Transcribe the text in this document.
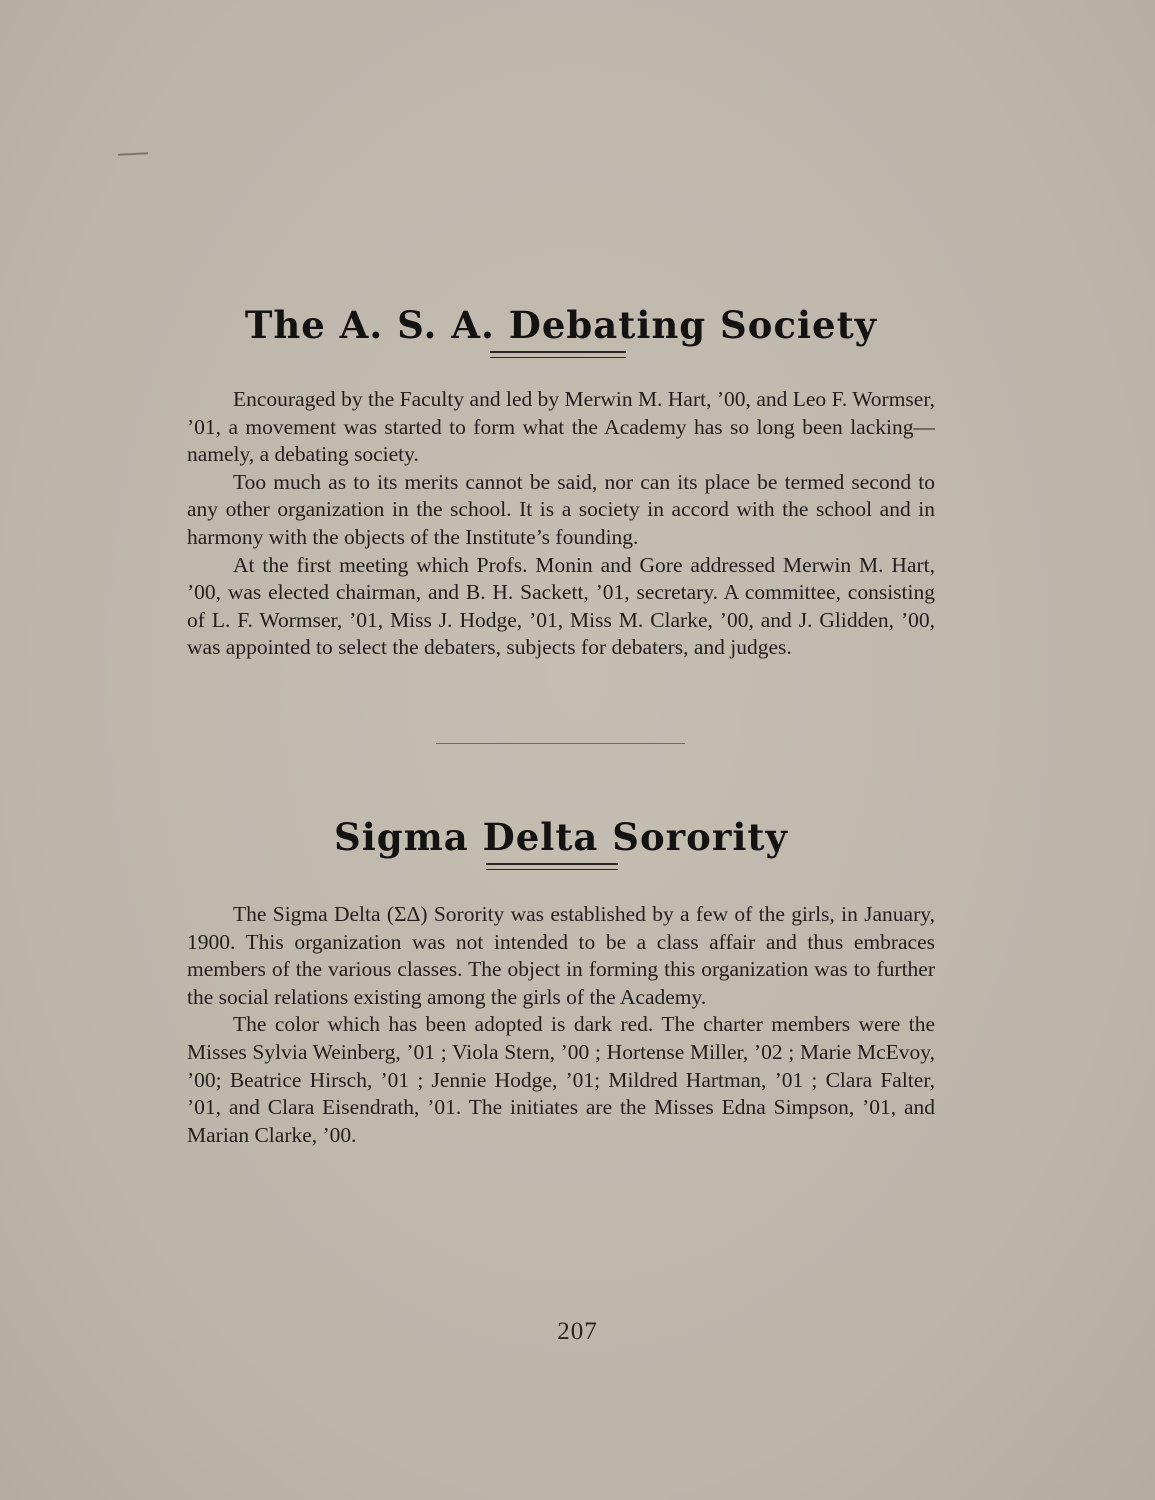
The A. S. A. Debating Society

Encouraged by the Faculty and led by Merwin M. Hart, ’00, and Leo F. Wormser, ’01, a movement was started to form what the Academy has so long been lacking—namely, a debating society.

Too much as to its merits cannot be said, nor can its place be termed second to any other organization in the school. It is a society in accord with the school and in harmony with the objects of the Institute’s founding.

At the first meeting which Profs. Monin and Gore addressed Merwin M. Hart, ’00, was elected chairman, and B. H. Sackett, ’01, secretary. A committee, consisting of L. F. Wormser, ’01, Miss J. Hodge, ’01, Miss M. Clarke, ’00, and J. Glidden, ’00, was appointed to select the debaters, subjects for debaters, and judges.

Sigma Delta Sorority

The Sigma Delta (ΣΔ) Sorority was established by a few of the girls, in January, 1900. This organization was not intended to be a class affair and thus embraces members of the various classes. The object in forming this organization was to further the social relations existing among the girls of the Academy.

The color which has been adopted is dark red. The charter members were the Misses Sylvia Weinberg, ’01 ; Viola Stern, ’00 ; Hortense Miller, ’02 ; Marie McEvoy, ’00; Beatrice Hirsch, ’01 ; Jennie Hodge, ’01; Mildred Hartman, ’01 ; Clara Falter, ’01, and Clara Eisendrath, ’01. The initiates are the Misses Edna Simpson, ’01, and Marian Clarke, ’00.

207
